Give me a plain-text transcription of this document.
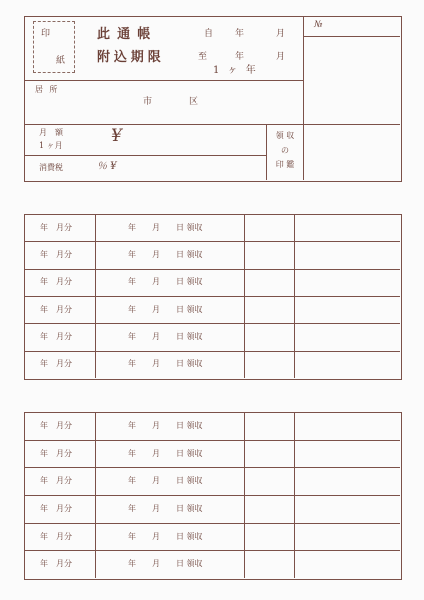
印
紙
此通帳
附込期限
自 年	月
至	年	月
1 ヶ 年
№
居所
市	区
月　額
1 ヶ月	¥
消費税	％ ¥
領 収
の
印 鑑
年　月分	年　　月　　日 領収
年　月分	年　　月　　日 領収
年　月分	年　　月　　日 領収
年　月分	年　　月　　日 領収
年　月分	年　　月　　日 領収
年　月分	年　　月　　日 領収
年　月分	年　　月　　日 領収
年　月分	年　　月　　日 領収
年　月分	年　　月　　日 領収
年　月分	年　　月　　日 領収
年　月分	年　　月　　日 領収
年　月分	年　　月　　日 領収
